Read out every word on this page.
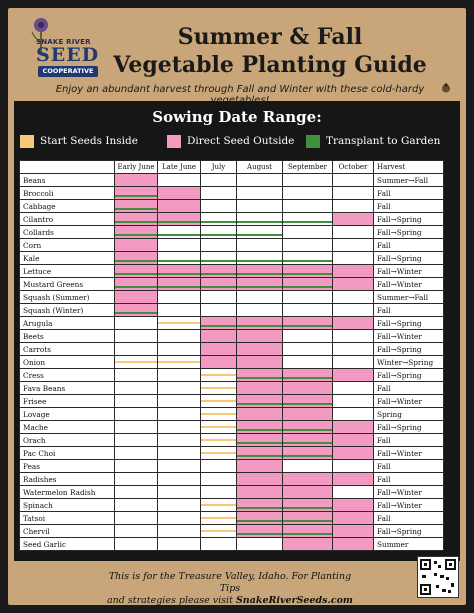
SNAKE RIVER
SEED
COOPERATIVE
Summer & Fall
Vegetable Planting Guide
Enjoy an abundant harvest through Fall and Winter with these cold-hardy
Sowing Date Range:
Start Seeds Inside	Direct Seed Outside	Transplant to Garden
	Early June	Late June	July	August	September	October	Harvest
Beans							Summer→Fall
Broccoli							Fall
Cabbage							Fall
Cilantro							Fall→Spring
Collards							Fall→Spring
Corn							Fall
Kale							Fall→Spring
Lettuce							Fall→Winter
Mustard Greens							Fall→Winter
Squash (Summer)							Summer→Fall
Squash (Winter)							Fall
Arugula							Fall→Spring
Beets							Fall→Winter
Carrots							Fall→Spring
Onion							Winter→Spring
Cress							Fall→Spring
Fava Beans							Fall
Frisee							Fall→Winter
Lovage							Spring
Mache							Fall→Spring
Orach							Fall
Pac Choi							Fall→Winter
Peas							Fall
Radishes							Fall
Watermelon Radish							Fall→Winter
Spinach							Fall→Winter
Tatsoi							Fall
Chervil							Fall→Spring
Seed Garlic							Summer
This is for the Treasure Valley, Idaho. For Planting Tips
and strategies please visit SnakeRiverSeeds.com
